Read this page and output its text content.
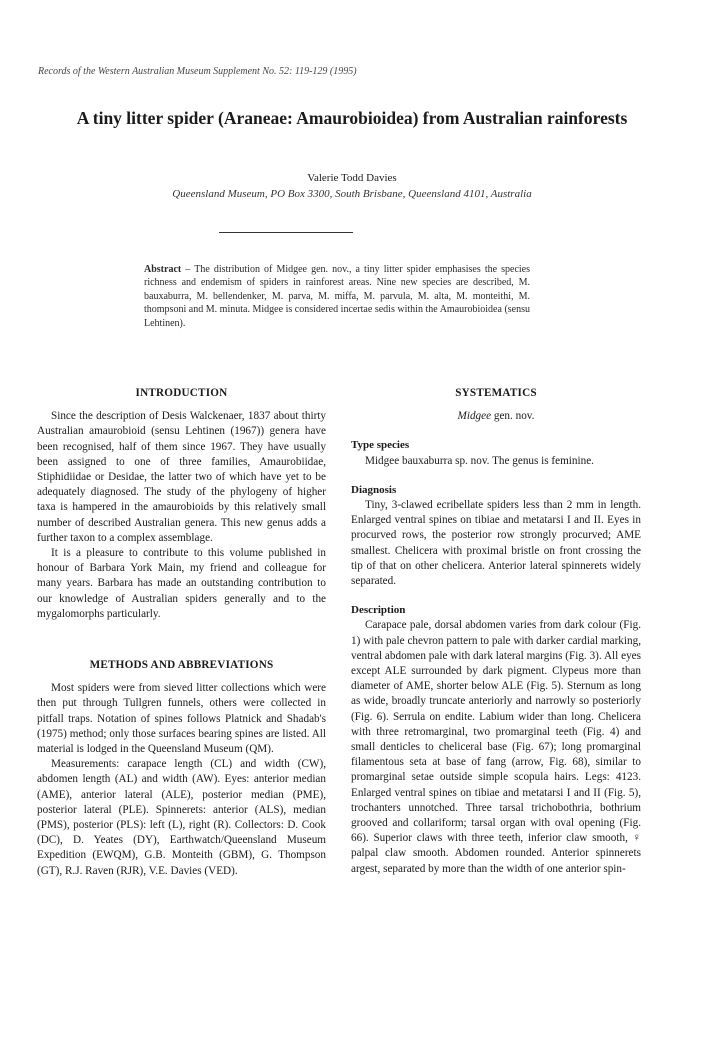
Records of the Western Australian Museum Supplement No. 52: 119-129 (1995)
A tiny litter spider (Araneae: Amaurobioidea) from Australian rainforests
Valerie Todd Davies
Queensland Museum, PO Box 3300, South Brisbane, Queensland 4101, Australia
Abstract – The distribution of Midgee gen. nov., a tiny litter spider emphasises the species richness and endemism of spiders in rainforest areas. Nine new species are described, M. bauxaburra, M. bellendenker, M. parva, M. miffa, M. parvula, M. alta, M. monteithi, M. thompsoni and M. minuta. Midgee is considered incertae sedis within the Amaurobioidea (sensu Lehtinen).
INTRODUCTION

Since the description of Desis Walckenaer, 1837 about thirty Australian amaurobioid (sensu Lehtinen (1967)) genera have been recognised, half of them since 1967. They have usually been assigned to one of three families, Amaurobiidae, Stiphidiidae or Desidae, the latter two of which have yet to be adequately diagnosed. The study of the phylogeny of higher taxa is hampered in the amaurobioids by this relatively small number of described Australian genera. This new genus adds a further taxon to a complex assemblage.

It is a pleasure to contribute to this volume published in honour of Barbara York Main, my friend and colleague for many years. Barbara has made an outstanding contribution to our knowledge of Australian spiders generally and to the mygalomorphs particularly.

METHODS AND ABBREVIATIONS

Most spiders were from sieved litter collections which were then put through Tullgren funnels, others were collected in pitfall traps. Notation of spines follows Platnick and Shadab's (1975) method; only those surfaces bearing spines are listed. All material is lodged in the Queensland Museum (QM).

Measurements: carapace length (CL) and width (CW), abdomen length (AL) and width (AW). Eyes: anterior median (AME), anterior lateral (ALE), posterior median (PME), posterior lateral (PLE). Spinnerets: anterior (ALS), median (PMS), posterior (PLS): left (L), right (R). Collectors: D. Cook (DC), D. Yeates (DY), Earthwatch/Queensland Museum Expedition (EWQM), G.B. Monteith (GBM), G. Thompson (GT), R.J. Raven (RJR), V.E. Davies (VED).

SYSTEMATICS
Midgee gen. nov.
Type species

Midgee bauxaburra sp. nov. The genus is feminine.

Diagnosis

Tiny, 3-clawed ecribellate spiders less than 2 mm in length. Enlarged ventral spines on tibiae and metatarsi I and II. Eyes in procurved rows, the posterior row strongly procurved; AME smallest. Chelicera with proximal bristle on front crossing the tip of that on other chelicera. Anterior lateral spinnerets widely separated.

Description

Carapace pale, dorsal abdomen varies from dark colour (Fig. 1) with pale chevron pattern to pale with darker cardial marking, ventral abdomen pale with dark lateral margins (Fig. 3). All eyes except ALE surrounded by dark pigment. Clypeus more than diameter of AME, shorter below ALE (Fig. 5). Sternum as long as wide, broadly truncate anteriorly and narrowly so posteriorly (Fig. 6). Serrula on endite. Labium wider than long. Chelicera with three retromarginal, two promarginal teeth (Fig. 4) and small denticles to cheliceral base (Fig. 67); long promarginal filamentous seta at base of fang (arrow, Fig. 68), similar to promarginal setae outside simple scopula hairs. Legs: 4123. Enlarged ventral spines on tibiae and metatarsi I and II (Fig. 5), trochanters unnotched. Three tarsal trichobothria, bothrium grooved and collariform; tarsal organ with oval opening (Fig. 66). Superior claws with three teeth, inferior claw smooth, ♀ palpal claw smooth. Abdomen rounded. Anterior spinnerets argest, separated by more than the width of one anterior spin-
